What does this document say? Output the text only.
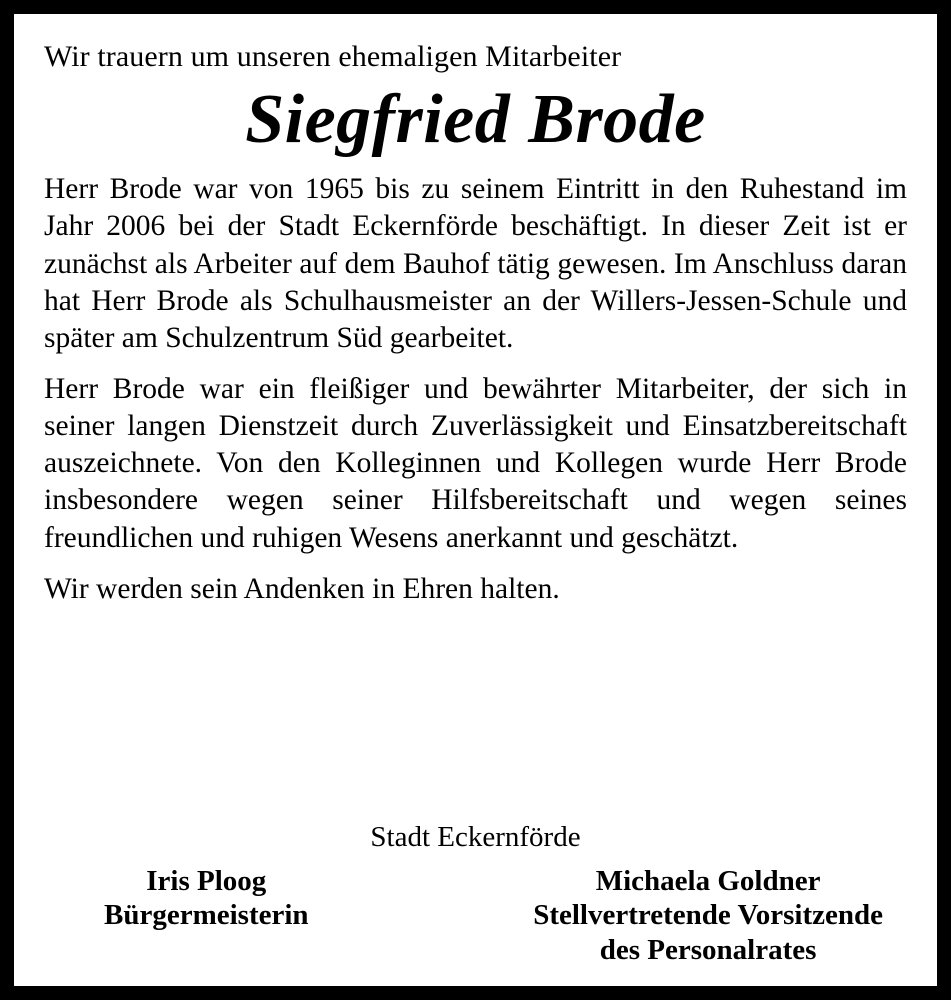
Wir trauern um unseren ehemaligen Mitarbeiter
Siegfried Brode

Herr Brode war von 1965 bis zu seinem Eintritt in den Ruhestand im Jahr 2006 bei der Stadt Eckernförde beschäftigt. In dieser Zeit ist er zunächst als Arbeiter auf dem Bauhof tätig gewesen. Im Anschluss daran hat Herr Brode als Schulhausmeister an der Willers-Jessen-Schule und später am Schulzentrum Süd gearbeitet.

Herr Brode war ein fleißiger und bewährter Mitarbeiter, der sich in seiner langen Dienstzeit durch Zuverlässigkeit und Einsatzbereitschaft auszeichnete. Von den Kolleginnen und Kollegen wurde Herr Brode insbesondere wegen seiner Hilfsbereitschaft und wegen seines freundlichen und ruhigen Wesens anerkannt und geschätzt.

Wir werden sein Andenken in Ehren halten.

Stadt Eckernförde
Iris Ploog
Bürgermeisterin
Michaela Goldner
Stellvertretende Vorsitzende
des Personalrates
